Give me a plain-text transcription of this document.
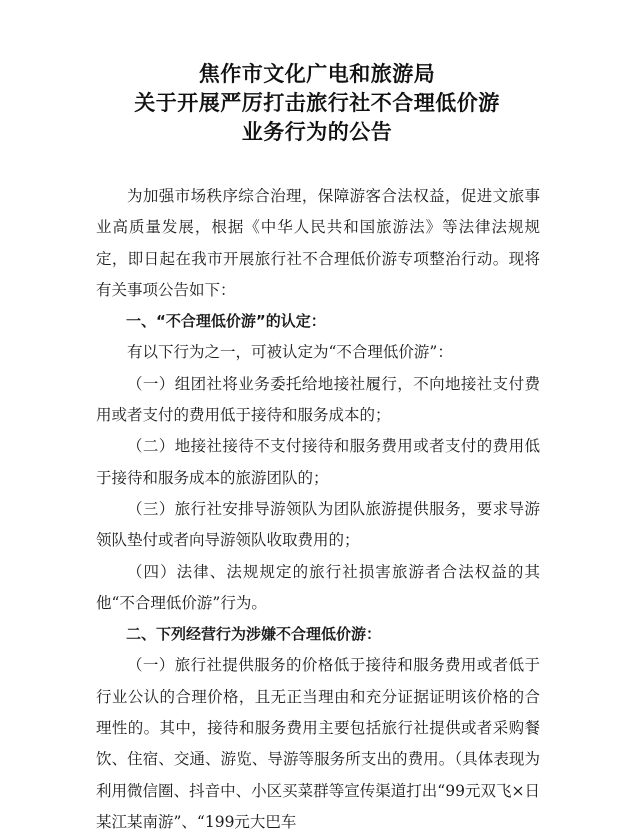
焦作市文化广电和旅游局
关于开展严厉打击旅行社不合理低价游
业务行为的公告

为加强市场秩序综合治理，保障游客合法权益，促进文旅事业高质量发展，根据《中华人民共和国旅游法》等法律法规规定，即日起在我市开展旅行社不合理低价游专项整治行动。现将有关事项公告如下：

一、“不合理低价游”的认定：

有以下行为之一，可被认定为“不合理低价游”：

（一）组团社将业务委托给地接社履行，不向地接社支付费用或者支付的费用低于接待和服务成本的；

（二）地接社接待不支付接待和服务费用或者支付的费用低于接待和服务成本的旅游团队的；

（三）旅行社安排导游领队为团队旅游提供服务，要求导游领队垫付或者向导游领队收取费用的；

（四）法律、法规规定的旅行社损害旅游者合法权益的其他“不合理低价游”行为。

二、下列经营行为涉嫌不合理低价游：

（一）旅行社提供服务的价格低于接待和服务费用或者低于行业公认的合理价格，且无正当理由和充分证据证明该价格的合理性的。其中，接待和服务费用主要包括旅行社提供或者采购餐饮、住宿、交通、游览、导游等服务所支出的费用。（具体表现为利用微信圈、抖音中、小区买菜群等宣传渠道打出“99元双飞×日某江某南游”、“199元大巴车
